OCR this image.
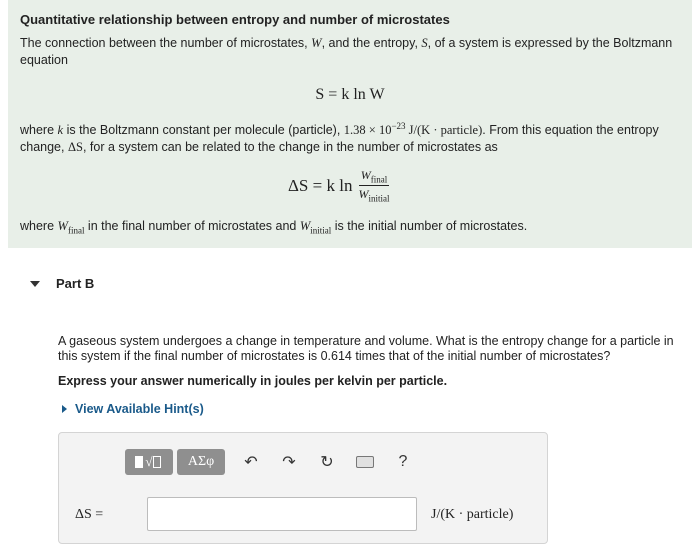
Quantitative relationship between entropy and number of microstates

The connection between the number of microstates, W, and the entropy, S, of a system is expressed by the Boltzmann equation

S = k ln W

where k is the Boltzmann constant per molecule (particle), $1.38 \times 10^{-23}$ J/(K · particle). From this equation the entropy change, ΔS, for a system can be related to the change in the number of microstates as

ΔS = k $\ln \frac{W_{final}}{W_{initial}}$

where $W_{final}$ in the final number of microstates and $W_{initial}$ is the initial number of microstates.

Part B
A gaseous system undergoes a change in temperature and volume. What is the entropy change for a particle in this system if the final number of microstates is 0.614 times that of the initial number of microstates?
Express your answer numerically in joules per kelvin per particle.
View Available Hint(s)
√	ΑΣφ	↶	↷	↻	?
ΔS =	J/(K · particle)
